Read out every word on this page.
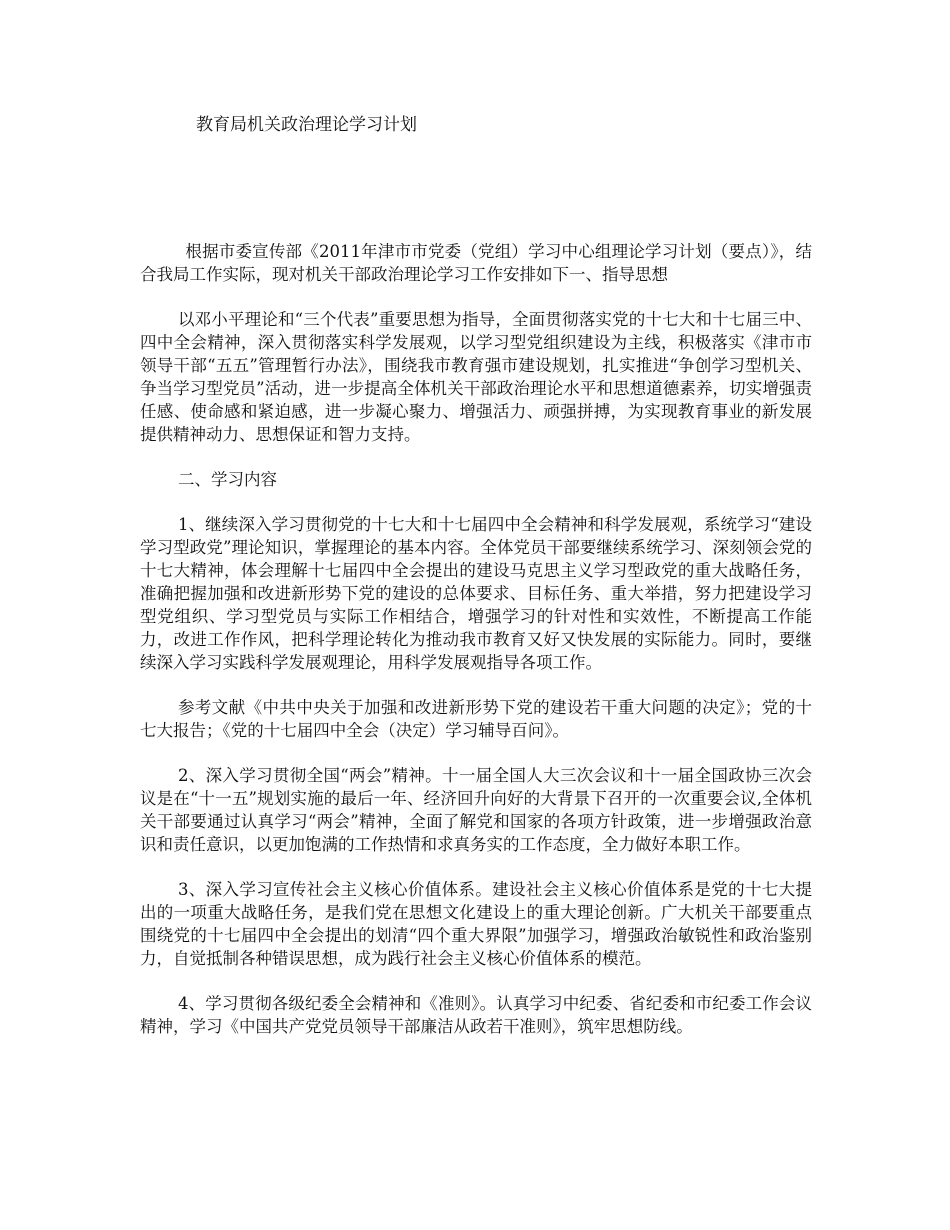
教育局机关政治理论学习计划

根据市委宣传部《2011年津市市党委（党组）学习中心组理论学习计划（要点）》，结合我局工作实际，现对机关干部政治理论学习工作安排如下一、指导思想

以邓小平理论和“三个代表”重要思想为指导，全面贯彻落实党的十七大和十七届三中、四中全会精神，深入贯彻落实科学发展观，以学习型党组织建设为主线，积极落实《津市市领导干部“五五”管理暂行办法》，围绕我市教育强市建设规划，扎实推进“争创学习型机关、争当学习型党员”活动，进一步提高全体机关干部政治理论水平和思想道德素养，切实增强责任感、使命感和紧迫感，进一步凝心聚力、增强活力、顽强拼搏，为实现教育事业的新发展提供精神动力、思想保证和智力支持。

二、学习内容

1、继续深入学习贯彻党的十七大和十七届四中全会精神和科学发展观，系统学习“建设学习型政党”理论知识，掌握理论的基本内容。全体党员干部要继续系统学习、深刻领会党的十七大精神，体会理解十七届四中全会提出的建设马克思主义学习型政党的重大战略任务，准确把握加强和改进新形势下党的建设的总体要求、目标任务、重大举措，努力把建设学习型党组织、学习型党员与实际工作相结合，增强学习的针对性和实效性，不断提高工作能力，改进工作作风，把科学理论转化为推动我市教育又好又快发展的实际能力。同时，要继续深入学习实践科学发展观理论，用科学发展观指导各项工作。

参考文献《中共中央关于加强和改进新形势下党的建设若干重大问题的决定》；党的十七大报告；《党的十七届四中全会（决定）学习辅导百问》。

2、深入学习贯彻全国“两会”精神。十一届全国人大三次会议和十一届全国政协三次会议是在“十一五”规划实施的最后一年、经济回升向好的大背景下召开的一次重要会议,全体机关干部要通过认真学习“两会”精神，全面了解党和国家的各项方针政策，进一步增强政治意识和责任意识，以更加饱满的工作热情和求真务实的工作态度，全力做好本职工作。

3、深入学习宣传社会主义核心价值体系。建设社会主义核心价值体系是党的十七大提出的一项重大战略任务，是我们党在思想文化建设上的重大理论创新。广大机关干部要重点围绕党的十七届四中全会提出的划清“四个重大界限”加强学习，增强政治敏锐性和政治鉴别力，自觉抵制各种错误思想，成为践行社会主义核心价值体系的模范。

4、学习贯彻各级纪委全会精神和《准则》。认真学习中纪委、省纪委和市纪委工作会议精神，学习《中国共产党党员领导干部廉洁从政若干准则》，筑牢思想防线。
